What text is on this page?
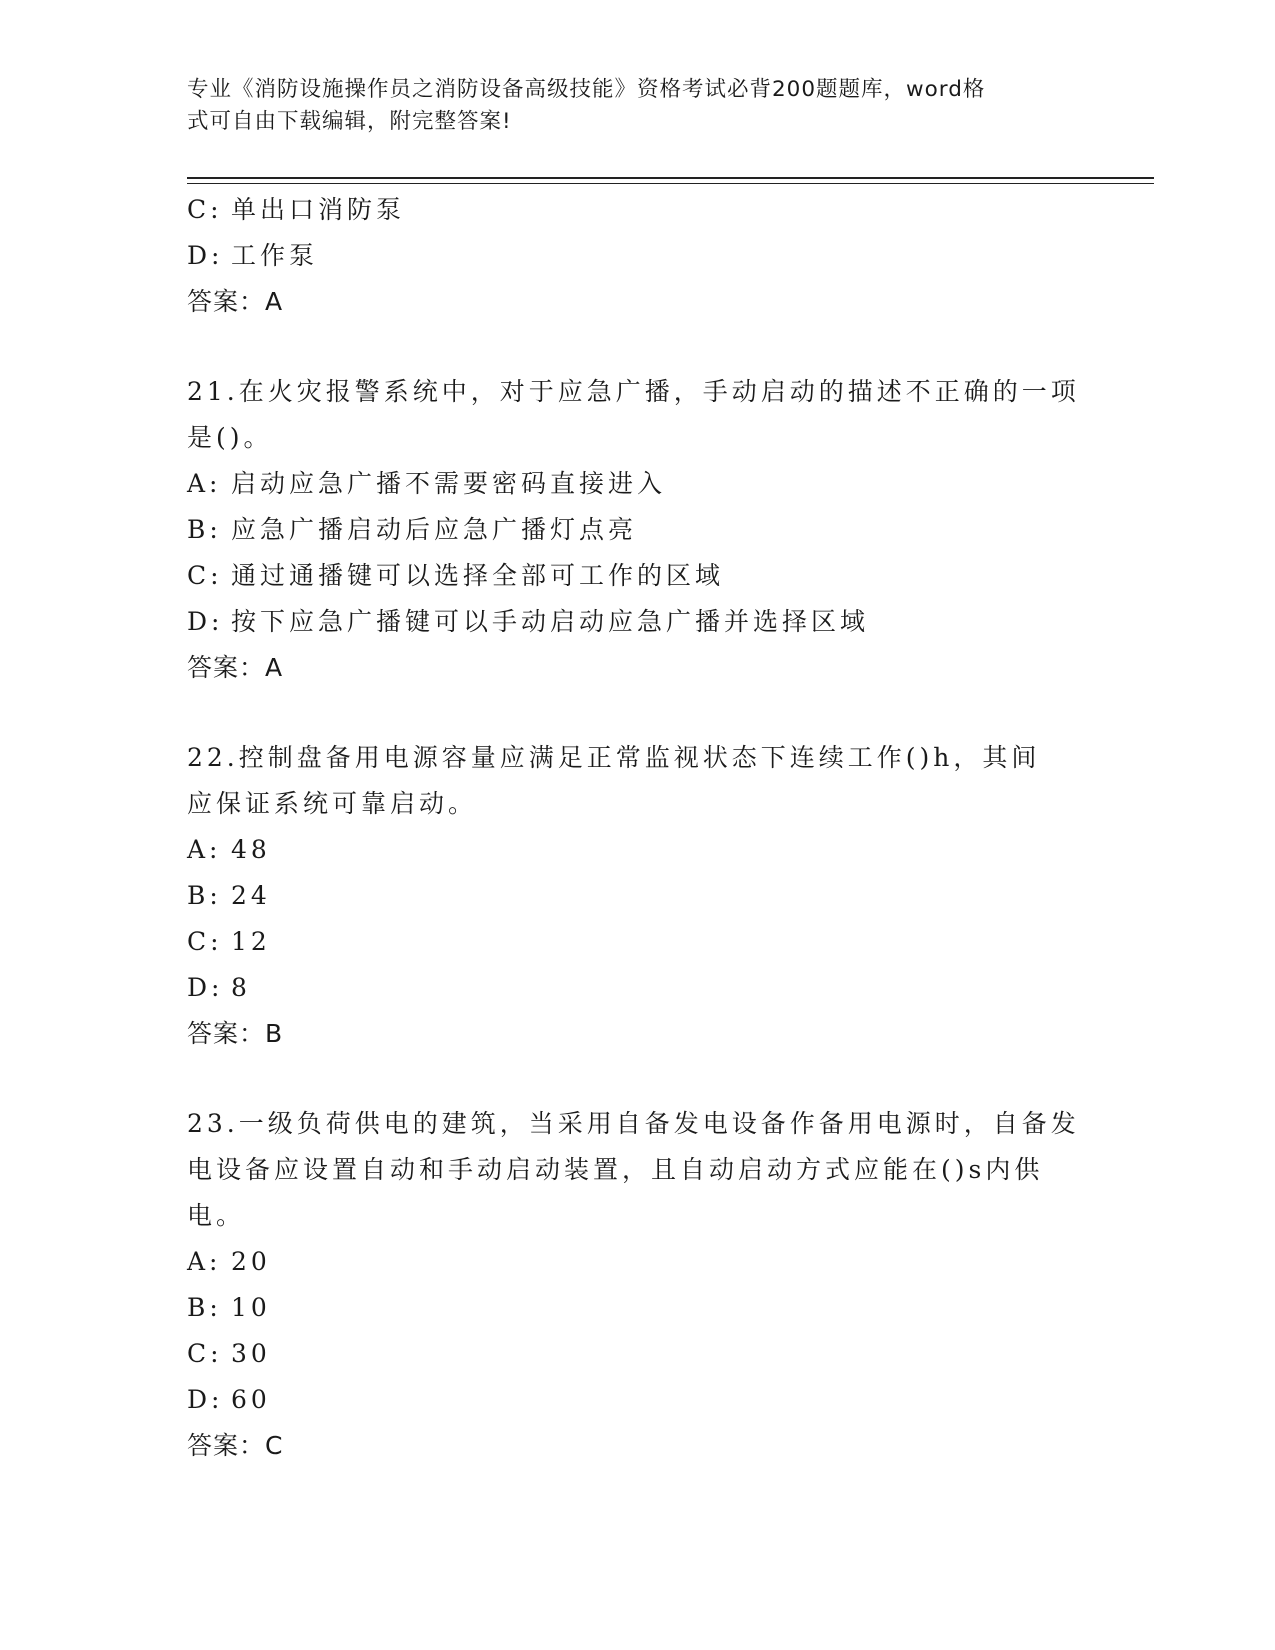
专业《消防设施操作员之消防设备高级技能》资格考试必背200题题库，word格
式可自由下载编辑，附完整答案!
C: 单出口消防泵
D: 工作泵
答案：A
21.在火灾报警系统中，对于应急广播，手动启动的描述不正确的一项
是()。
A: 启动应急广播不需要密码直接进入
B: 应急广播启动后应急广播灯点亮
C: 通过通播键可以选择全部可工作的区域
D: 按下应急广播键可以手动启动应急广播并选择区域
答案：A
22.控制盘备用电源容量应满足正常监视状态下连续工作()h，其间
应保证系统可靠启动。
A: 48
B: 24
C: 12
D: 8
答案：B
23.一级负荷供电的建筑，当采用自备发电设备作备用电源时，自备发
电设备应设置自动和手动启动装置，且自动启动方式应能在()s内供
电。
A: 20
B: 10
C: 30
D: 60
答案：C
